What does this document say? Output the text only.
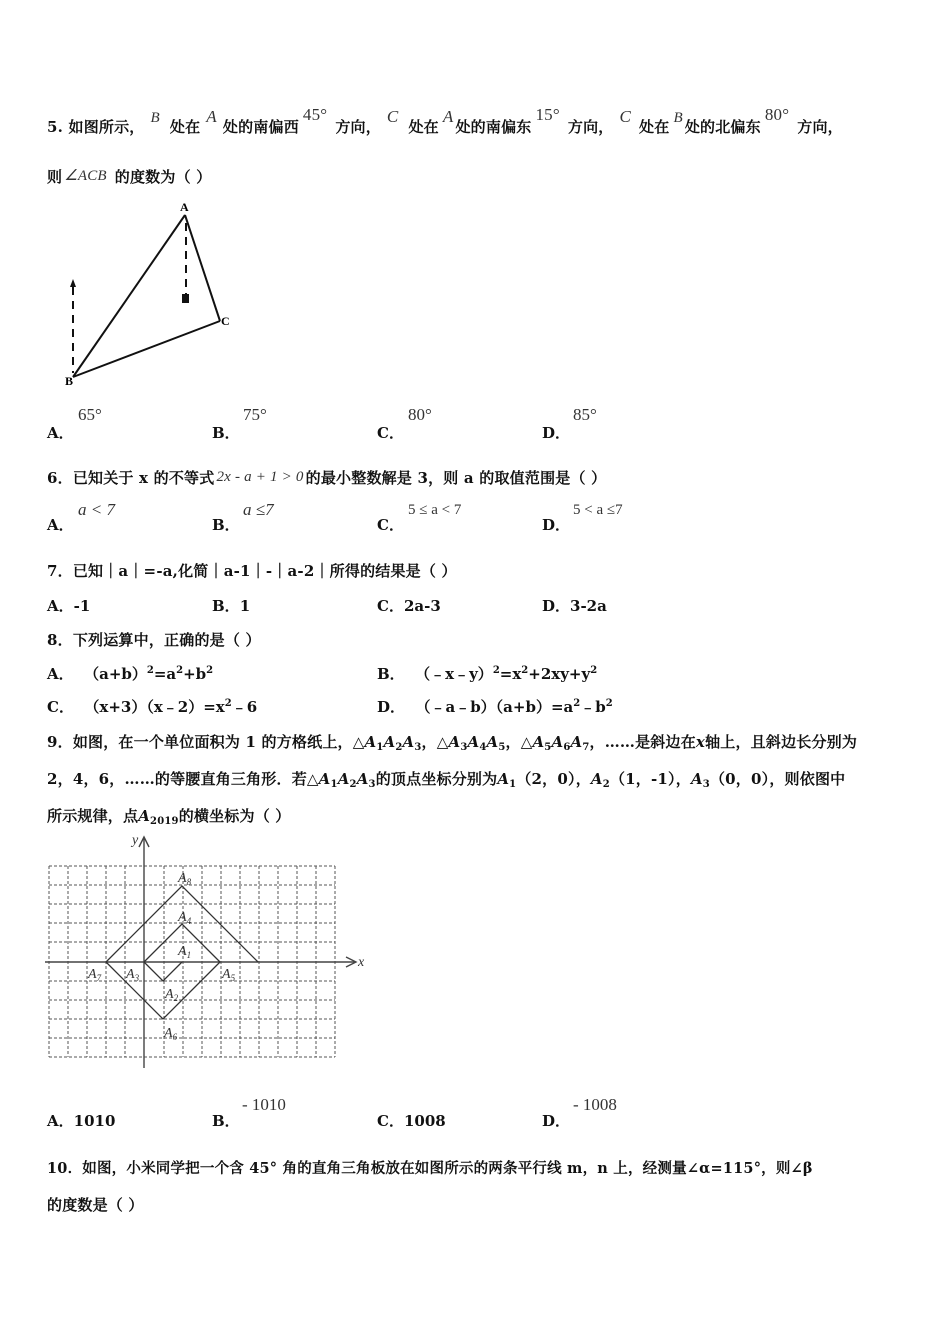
5. 如图所示， B 处在A处的南偏西45°方向，C处在A处的南偏东15°方向，C处在 B 处的北偏东80°方向，
则 ∠ACB 的度数为（ ）
A
B
C
A．
65°
B．
75°
C．
80°
D．
85°
6．已知关于 x 的不等式 2x - a + 1 > 0 的最小整数解是 3，则 a 的取值范围是（ ）
A．
a < 7
B．
a ≤7
C．
5 ≤ a < 7
D．
5 < a ≤7
7．已知｜a｜=-a,化简｜a-1｜-｜a-2｜所得的结果是（ ）
A．-1	B．1	C．2a-3	D．3-2a
8．下列运算中，正确的是（ ）
A． $(a+b)^2=a^2+b^2$	B． $(﹣x﹣y)^2=x^2+2xy+y^2$
C． $(x+3)(x﹣2)=x^2﹣6$	D． $(﹣a﹣b)(a+b)=a^2﹣b^2$
9．如图，在一个单位面积为 1 的方格纸上，$\triangle A_1A_2A_3$，$\triangle A_3A_4A_5$，$\triangle A_5A_6A_7$，……是斜边在x轴上，且斜边长分别为
2，4，6，……的等腰直角三角形．若$\triangle A_1A_2A_3$的顶点坐标分别为$A_1(2$，0），$A_2(1$，-1），$A_3(0$，0），则依图中
所示规律，点$A_{2019}$的横坐标为（ ）
x
y
$A_1$
$A_2$
$A_3$
$A_4$
$A_5$
$A_6$
$A_7$
$A_8$
A．1010	B．
- 1010
C．1008	D．
- 1008
10．如图，小米同学把一个含 45° 角的直角三角板放在如图所示的两条平行线 m，n 上，经测量∠α=115°，则∠β
的度数是（ ）
